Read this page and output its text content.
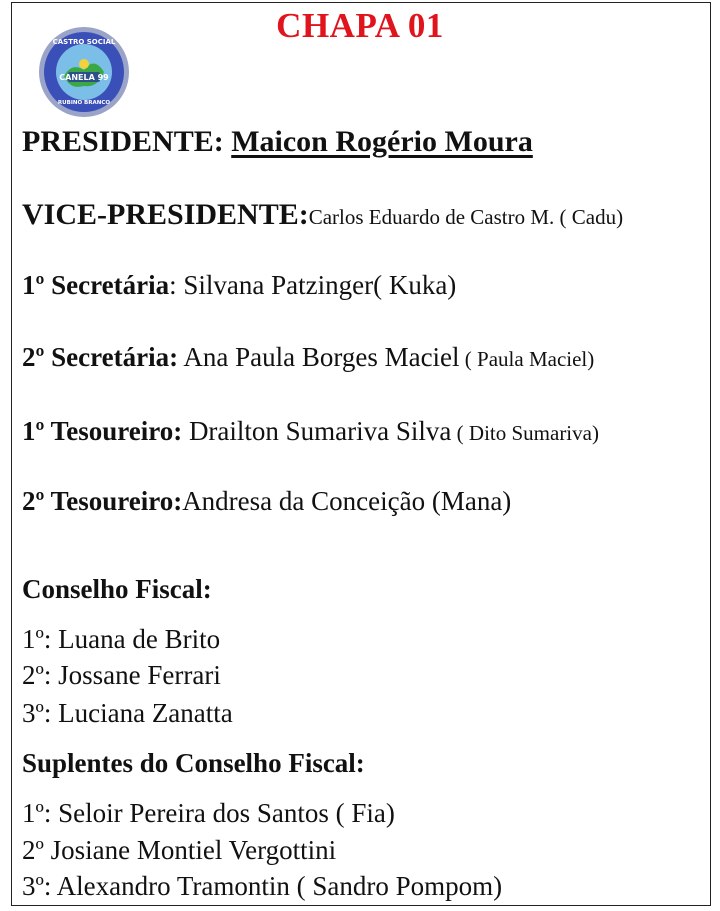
CANELA 99
CASTRO SOCIAL
RUBINO BRANCO
CHAPA 01
PRESIDENTE: Maicon Rogério Moura
VICE-PRESIDENTE:Carlos Eduardo de Castro M. ( Cadu)
1º Secretária: Silvana Patzinger( Kuka)
2º Secretária: Ana Paula Borges Maciel ( Paula Maciel)
1º Tesoureiro: Drailton Sumariva Silva ( Dito Sumariva)
2º Tesoureiro:Andresa da Conceição (Mana)
Conselho Fiscal:
1º: Luana de Brito
2º: Jossane Ferrari
3º: Luciana Zanatta
Suplentes do Conselho Fiscal:
1º: Seloir Pereira dos Santos ( Fia)
2º Josiane Montiel Vergottini
3º: Alexandro Tramontin ( Sandro Pompom)
